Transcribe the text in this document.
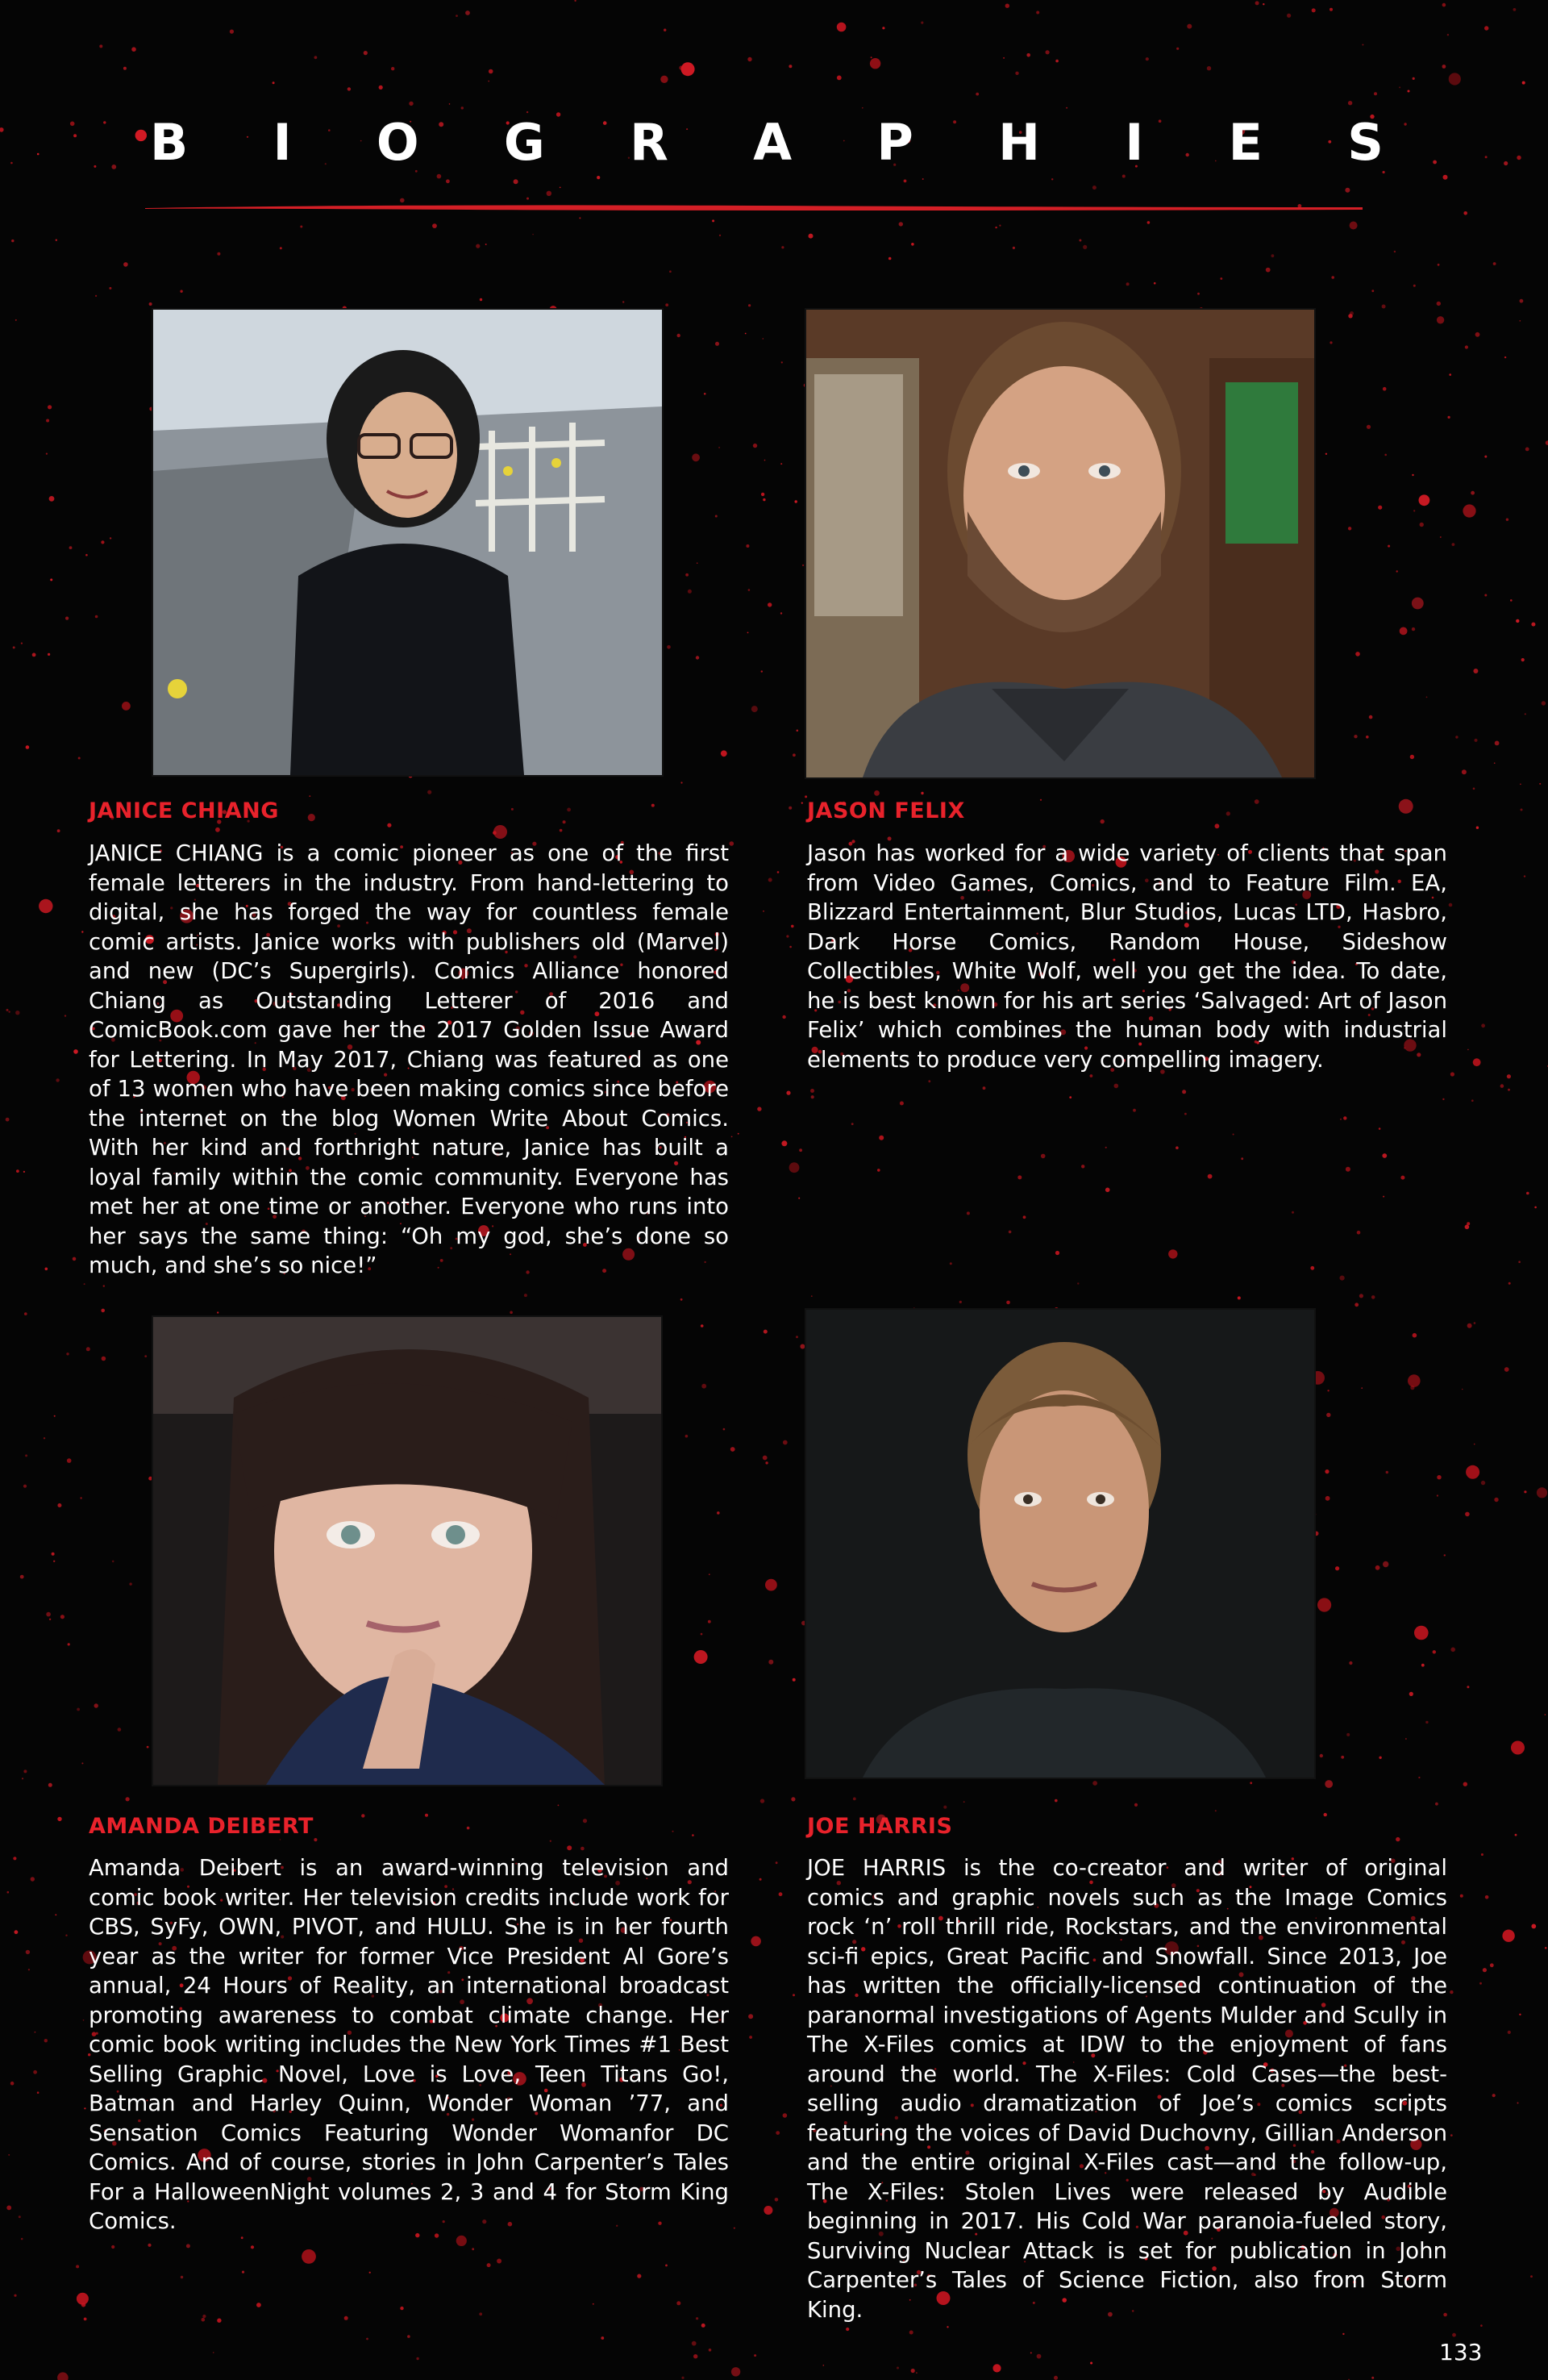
B I O G R A P H I E S
JANICE CHIANG

JANICE CHIANG is a comic pioneer as one of the first female letterers in the industry. From hand-lettering to digital, she has forged the way for countless female comic artists. Janice works with publishers old (Marvel) and new (DC’s Supergirls). Comics Alliance honored Chiang as Outstanding Letterer of 2016 and ComicBook.com gave her the 2017 Golden Issue Award for Lettering. In May 2017, Chiang was featured as one of 13 women who have been making comics since before the internet on the blog Women Write About Comics. With her kind and forthright nature, Janice has built a loyal family within the comic community. Everyone has met her at one time or another. Everyone who runs into her says the same thing: “Oh my god, she’s done so much, and she’s so nice!”

JASON FELIX

Jason has worked for a wide variety of clients that span from Video Games, Comics, and to Feature Film. EA, Blizzard Entertainment, Blur Studios, Lucas LTD, Hasbro, Dark Horse Comics, Random House, Sideshow Collectibles, White Wolf, well you get the idea. To date, he is best known for his art series ‘Salvaged: Art of Jason Felix’ which combines the human body with industrial elements to produce very compelling imagery.

AMANDA DEIBERT

Amanda Deibert is an award-winning television and comic book writer. Her television credits include work for CBS, SyFy, OWN, PIVOT, and HULU. She is in her fourth year as the writer for former Vice President Al Gore’s annual, 24 Hours of Reality, an international broadcast promoting awareness to combat climate change. Her comic book writing includes the New York Times #1 Best Selling Graphic Novel, Love is Love, Teen Titans Go!, Batman and Harley Quinn, Wonder Woman ’77, and Sensation Comics Featuring Wonder Womanfor DC Comics. And of course, stories in John Carpenter’s Tales For a HalloweenNight volumes 2, 3 and 4 for Storm King Comics.

JOE HARRIS

JOE HARRIS is the co-creator and writer of original comics and graphic novels such as the Image Comics rock ‘n’ roll thrill ride, Rockstars, and the environmental sci-fi epics, Great Pacific and Snowfall. Since 2013, Joe has written the officially-licensed continuation of the paranormal investigations of Agents Mulder and Scully in The X-Files comics at IDW to the enjoyment of fans around the world. The X-Files: Cold Cases—the best-selling audio dramatization of Joe’s comics scripts featuring the voices of David Duchovny, Gillian Anderson and the entire original X-Files cast—and the follow-up, The X-Files: Stolen Lives were released by Audible beginning in 2017. His Cold War paranoia-fueled story, Surviving Nuclear Attack is set for publication in John Carpenter’s Tales of Science Fiction, also from Storm King.

133
